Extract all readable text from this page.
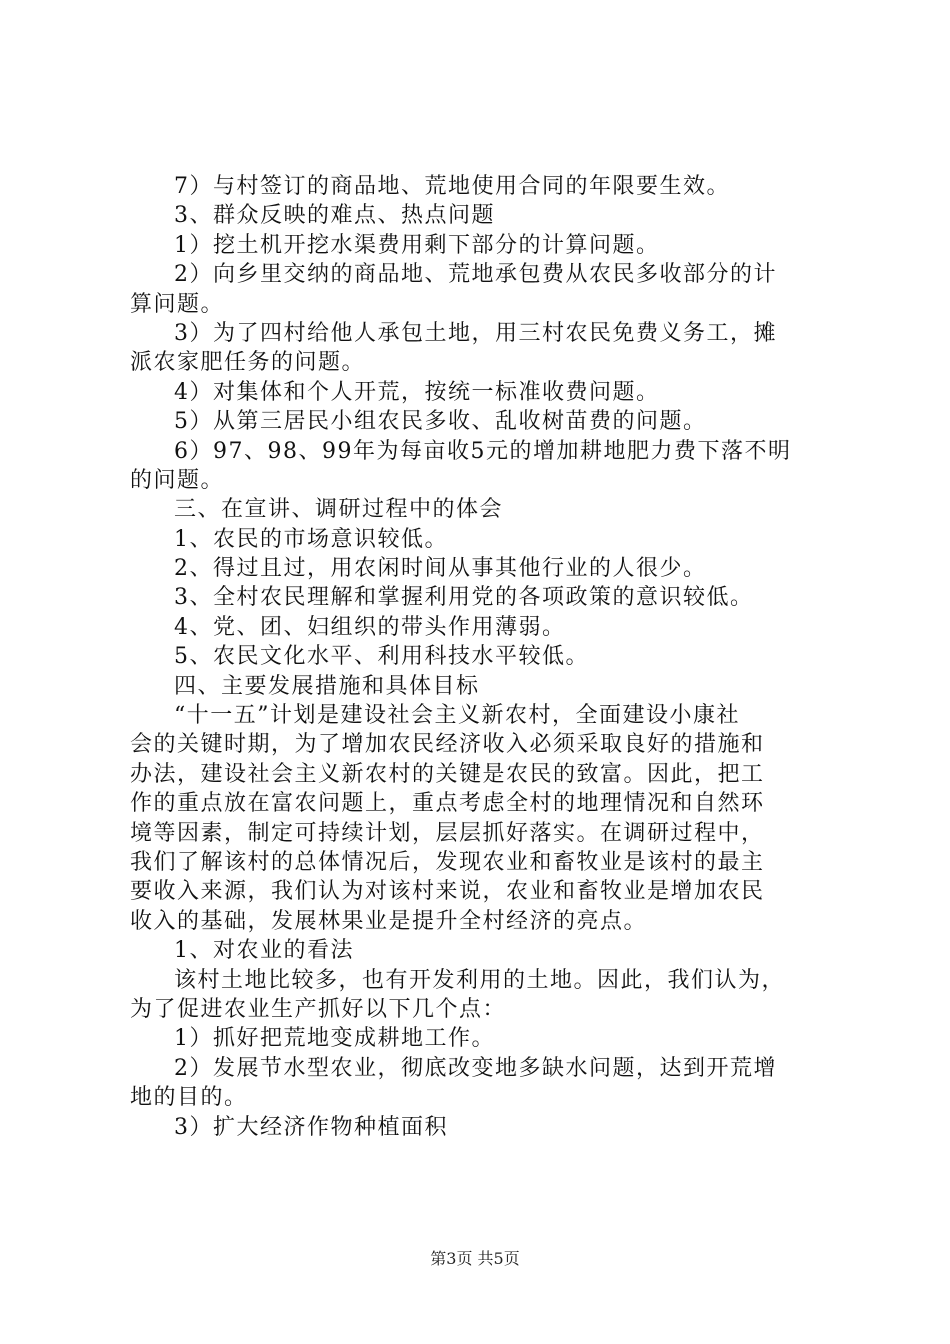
7）与村签订的商品地、荒地使用合同的年限要生效。
3、群众反映的难点、热点问题
1）挖土机开挖水渠费用剩下部分的计算问题。
2）向乡里交纳的商品地、荒地承包费从农民多收部分的计
算问题。
3）为了四村给他人承包土地，用三村农民免费义务工，摊
派农家肥任务的问题。
4）对集体和个人开荒，按统一标准收费问题。
5）从第三居民小组农民多收、乱收树苗费的问题。
6）97、98、99年为每亩收5元的增加耕地肥力费下落不明
的问题。
三、在宣讲、调研过程中的体会
1、农民的市场意识较低。
2、得过且过，用农闲时间从事其他行业的人很少。
3、全村农民理解和掌握利用党的各项政策的意识较低。
4、党、团、妇组织的带头作用薄弱。
5、农民文化水平、利用科技水平较低。
四、主要发展措施和具体目标
“十一五”计划是建设社会主义新农村，全面建设小康社
会的关键时期，为了增加农民经济收入必须采取良好的措施和
办法，建设社会主义新农村的关键是农民的致富。因此，把工
作的重点放在富农问题上，重点考虑全村的地理情况和自然环
境等因素，制定可持续计划，层层抓好落实。在调研过程中，
我们了解该村的总体情况后，发现农业和畜牧业是该村的最主
要收入来源，我们认为对该村来说，农业和畜牧业是增加农民
收入的基础，发展林果业是提升全村经济的亮点。
1、对农业的看法
该村土地比较多，也有开发利用的土地。因此，我们认为，
为了促进农业生产抓好以下几个点：
1）抓好把荒地变成耕地工作。
2）发展节水型农业，彻底改变地多缺水问题，达到开荒增
地的目的。
3）扩大经济作物种植面积
第3页 共5页
